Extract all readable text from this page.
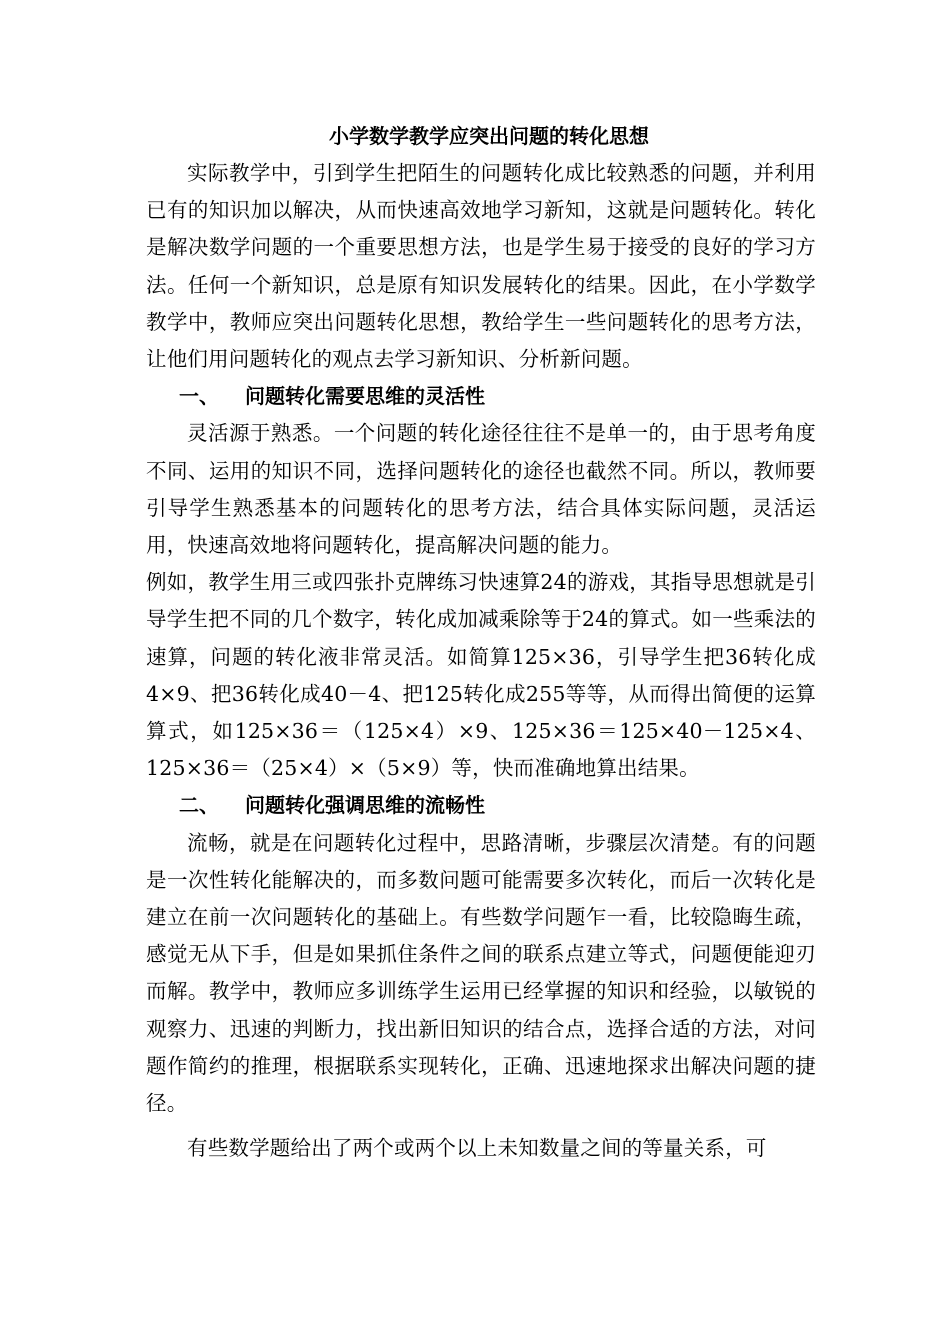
小学数学教学应突出问题的转化思想

实际教学中，引到学生把陌生的问题转化成比较熟悉的问题，并利用已有的知识加以解决，从而快速高效地学习新知，这就是问题转化。转化是解决数学问题的一个重要思想方法，也是学生易于接受的良好的学习方法。任何一个新知识，总是原有知识发展转化的结果。因此，在小学数学教学中，教师应突出问题转化思想，教给学生一些问题转化的思考方法，让他们用问题转化的观点去学习新知识、分析新问题。

一、	问题转化需要思维的灵活性

灵活源于熟悉。一个问题的转化途径往往不是单一的，由于思考角度不同、运用的知识不同，选择问题转化的途径也截然不同。所以，教师要引导学生熟悉基本的问题转化的思考方法，结合具体实际问题，灵活运用，快速高效地将问题转化，提高解决问题的能力。

例如，教学生用三或四张扑克牌练习快速算24的游戏，其指导思想就是引导学生把不同的几个数字，转化成加减乘除等于24的算式。如一些乘法的速算，问题的转化液非常灵活。如简算125×36，引导学生把36转化成4×9、把36转化成40－4、把125转化成255等等，从而得出简便的运算算式，如125×36＝（125×4）×9、125×36＝125×40－125×4、125×36＝（25×4）×（5×9）等，快而准确地算出结果。

二、	问题转化强调思维的流畅性

流畅，就是在问题转化过程中，思路清晰，步骤层次清楚。有的问题是一次性转化能解决的，而多数问题可能需要多次转化，而后一次转化是建立在前一次问题转化的基础上。有些数学问题乍一看，比较隐晦生疏，感觉无从下手，但是如果抓住条件之间的联系点建立等式，问题便能迎刃而解。教学中，教师应多训练学生运用已经掌握的知识和经验，以敏锐的观察力、迅速的判断力，找出新旧知识的结合点，选择合适的方法，对问题作简约的推理，根据联系实现转化，正确、迅速地探求出解决问题的捷径。

有些数学题给出了两个或两个以上未知数量之间的等量关系，可
